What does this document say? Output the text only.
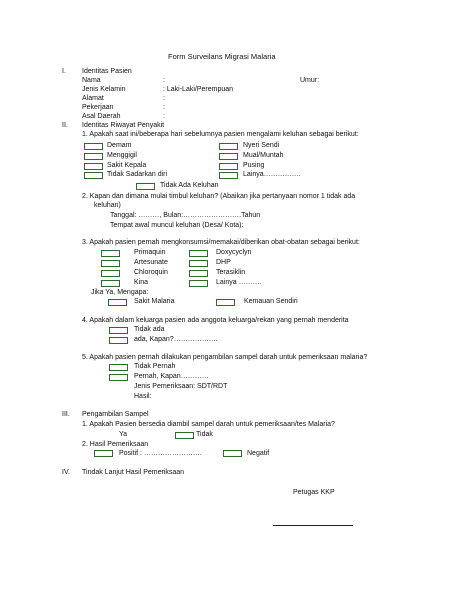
Form Surveilans Migrasi Malaria
I. Identitas Pasien
Nama	:	Umur:
Jenis Kelamin	: Laki-Laki/Perempuan
Alamat	:
Pekerjaan	:
Asal Daerah	:
II. Identitas Riwayat Penyakit
1. Apakah saat ini/beberapa hari sebelumnya pasien mengalami keluhan sebagai berikut:
Demam	Nyeri Sendi
Menggigil	Mual/Muntah
Sakit Kepala	Pusing
Tidak Sadarkan diri	Lainya…………….
Tidak Ada Keluhan
2. Kapan dan dimana mulai timbul keluhan? (Abaikan jika pertanyaan nomor 1 tidak ada
keluhan)
Tanggal: ………, Bulan:…………………….Tahun
Tempat awal muncul keluhan (Desa/ Kota):
3. Apakah pasien pernah mengkonsumsi/memakai/diberikan obat-obatan sebagai berikut:
Primaquin	Doxycyclyn
Artesunate	DHP
Chloroquin	Terasiklin
Kina	Lainya ……….
Jika Ya, Mengapa:
Sakit Malaria	Kemauan Sendiri
4. Apakah dalam keluarga pasien ada anggota keluarga/rekan yang pernah menderita
Tidak ada
ada, Kapan?……………….
5. Apakah pasien pernah dilakukan pengambilan sampel darah untuk pemeriksaan malaria?
Tidak Pernah
Pernah, Kapan…………
Jenis Pemeriksaan: SDT/RDT
Hasil:
III. Pengambilan Sampel
1. Apakah Pasien bersedia diambil sampel darah untuk pemeriksaan/tes Malaria?
Ya	Tidak
2. Hasil Pemeriksaan
Positif : …………………….	Negatif
IV. Tindak Lanjut Hasil Pemeriksaan
Petugas KKP
